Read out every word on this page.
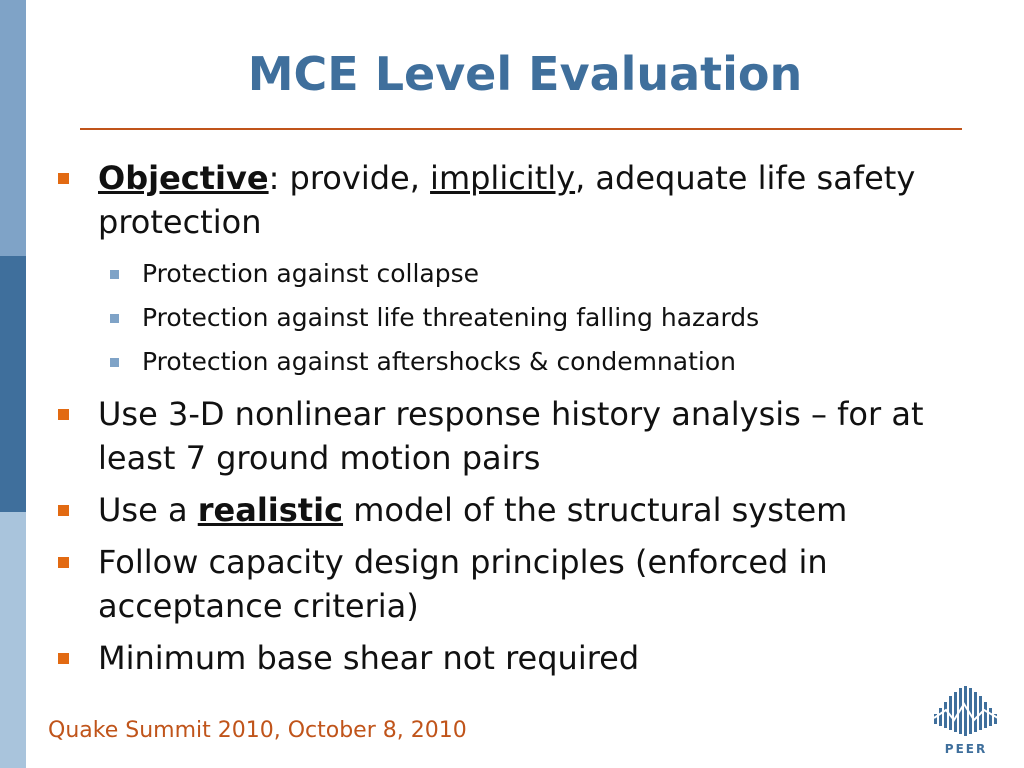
MCE Level Evaluation
Objective: provide, implicitly, adequate life safety protection
Protection against collapse
Protection against life threatening falling hazards
Protection against aftershocks & condemnation
Use 3-D nonlinear response history analysis – for at least 7 ground motion pairs
Use a realistic model of the structural system
Follow capacity design principles (enforced in acceptance criteria)
Minimum base shear not required
Quake Summit 2010, October 8, 2010
PEER
